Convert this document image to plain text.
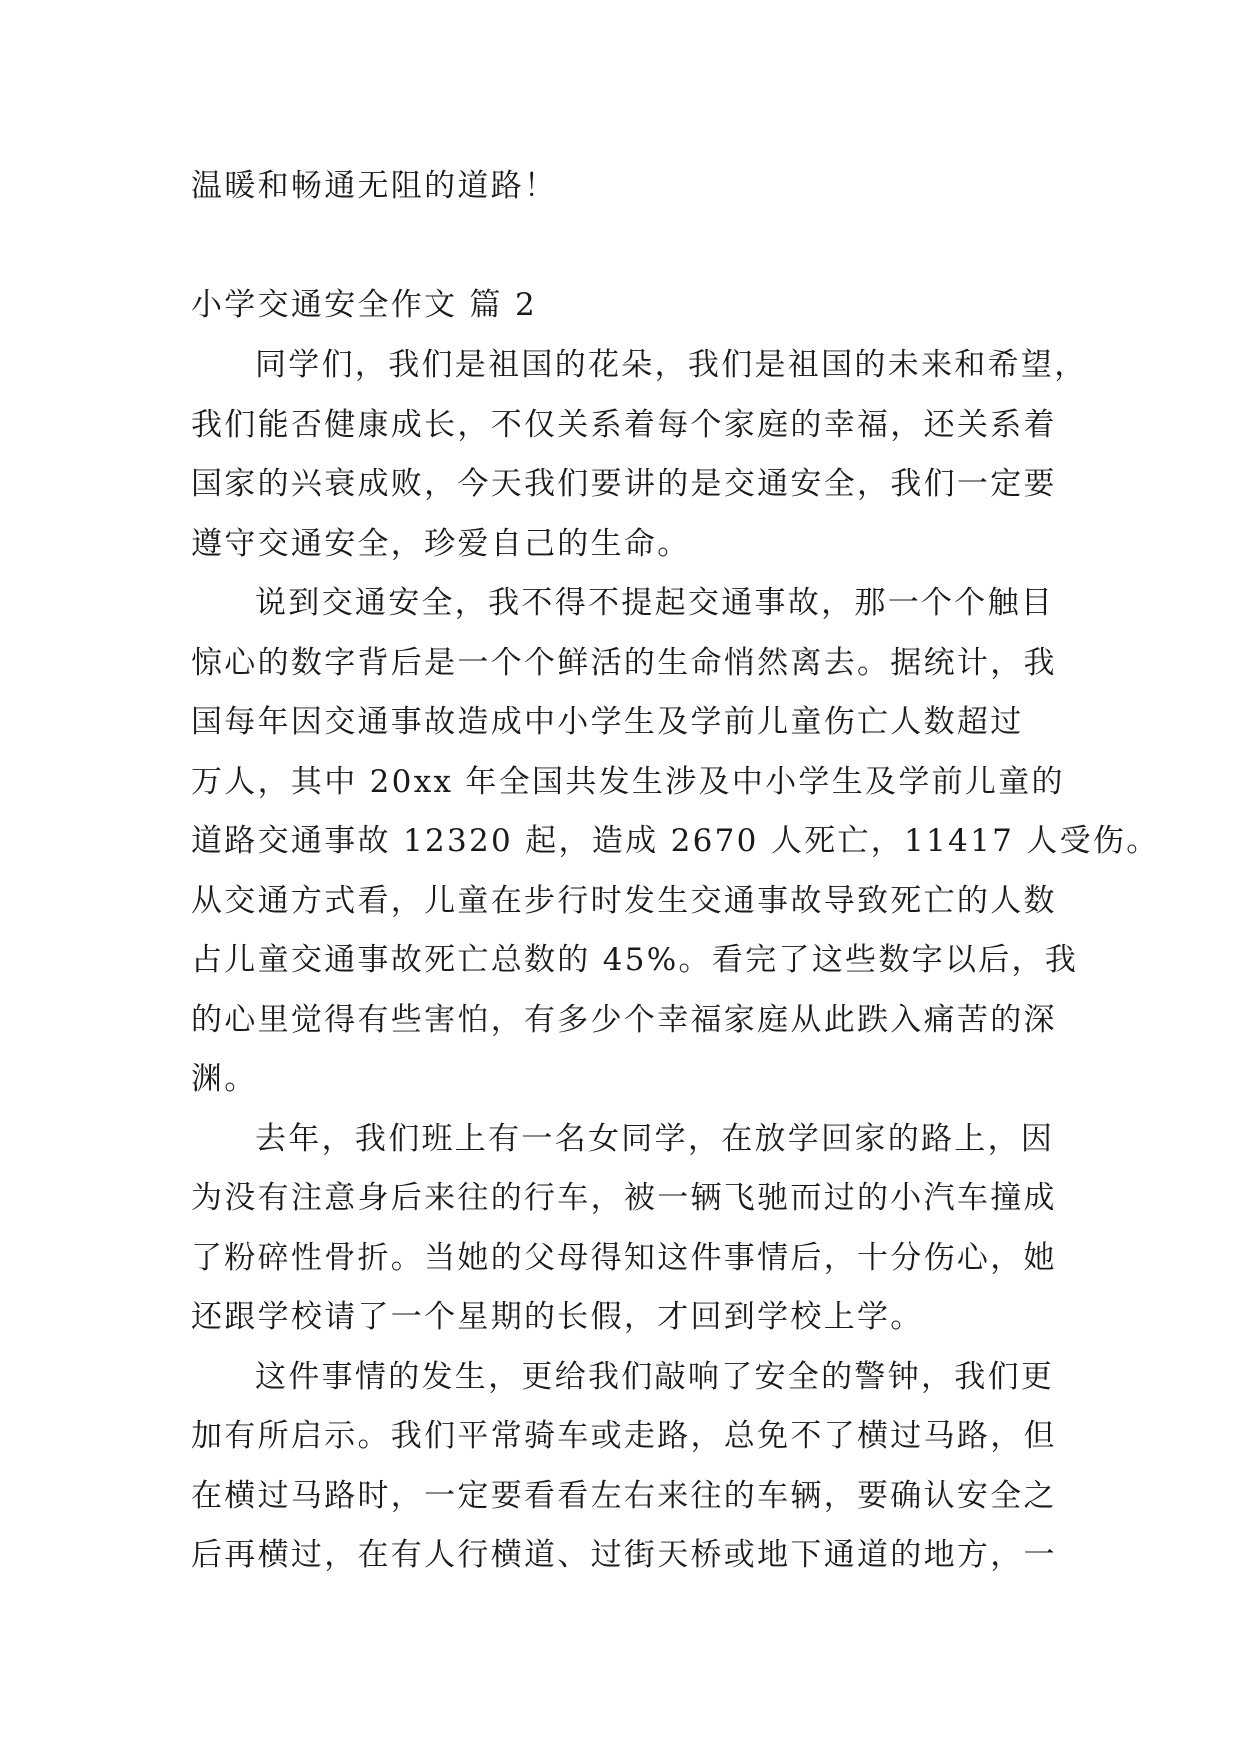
温暖和畅通无阻的道路！
小学交通安全作文 篇 2
同学们，我们是祖国的花朵，我们是祖国的未来和希望，
我们能否健康成长，不仅关系着每个家庭的幸福，还关系着
国家的兴衰成败，今天我们要讲的是交通安全，我们一定要
遵守交通安全，珍爱自己的生命。
说到交通安全，我不得不提起交通事故，那一个个触目
惊心的数字背后是一个个鲜活的生命悄然离去。据统计，我
国每年因交通事故造成中小学生及学前儿童伤亡人数超过
万人，其中 20xx 年全国共发生涉及中小学生及学前儿童的
道路交通事故 12320 起，造成 2670 人死亡，11417 人受伤。
从交通方式看，儿童在步行时发生交通事故导致死亡的人数
占儿童交通事故死亡总数的 45%。看完了这些数字以后，我
的心里觉得有些害怕，有多少个幸福家庭从此跌入痛苦的深
渊。
去年，我们班上有一名女同学，在放学回家的路上，因
为没有注意身后来往的行车，被一辆飞驰而过的小汽车撞成
了粉碎性骨折。当她的父母得知这件事情后，十分伤心，她
还跟学校请了一个星期的长假，才回到学校上学。
这件事情的发生，更给我们敲响了安全的警钟，我们更
加有所启示。我们平常骑车或走路，总免不了横过马路，但
在横过马路时，一定要看看左右来往的车辆，要确认安全之
后再横过，在有人行横道、过街天桥或地下通道的地方，一
